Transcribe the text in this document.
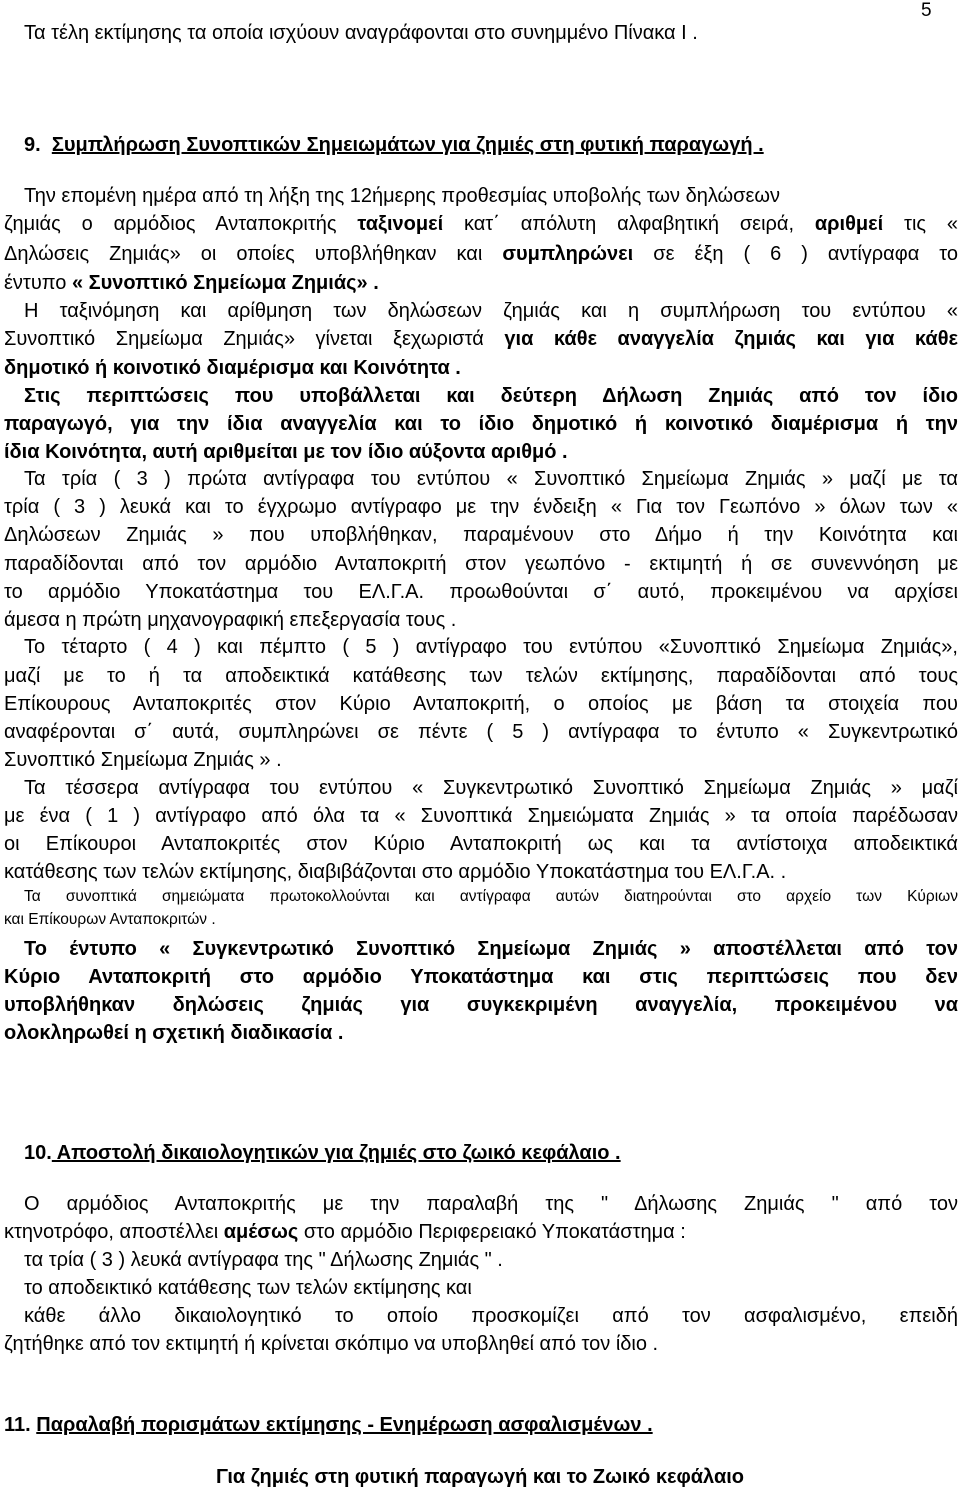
5
Τα τέλη εκτίμησης τα οποία ισχύουν αναγράφονται στο συνημμένο Πίνακα Ι .
9. Συμπλήρωση Συνοπτικών Σημειωμάτων για ζημιές στη φυτική παραγωγή .
Την επομένη ημέρα από τη λήξη της 12ήμερης προθεσμίας υποβολής των δηλώσεων
ζημιάς ο αρμόδιος Ανταποκριτής ταξινομεί κατ΄ απόλυτη αλφαβητική σειρά, αριθμεί τις «
Δηλώσεις Ζημιάς» οι οποίες υποβλήθηκαν και συμπληρώνει σε έξη ( 6 ) αντίγραφα το
έντυπο « Συνοπτικό Σημείωμα Ζημιάς» .
Η ταξινόμηση και αρίθμηση των δηλώσεων ζημιάς και η συμπλήρωση του εντύπου «
Συνοπτικό Σημείωμα Ζημιάς» γίνεται ξεχωριστά για κάθε αναγγελία ζημιάς και για κάθε
δημοτικό ή κοινοτικό διαμέρισμα και Κοινότητα .
Στις περιπτώσεις που υποβάλλεται και δεύτερη Δήλωση Ζημιάς από τον ίδιο
παραγωγό, για την ίδια αναγγελία και το ίδιο δημοτικό ή κοινοτικό διαμέρισμα ή την
ίδια Κοινότητα, αυτή αριθμείται με τον ίδιο αύξοντα αριθμό .
Τα τρία ( 3 ) πρώτα αντίγραφα του εντύπου « Συνοπτικό Σημείωμα Ζημιάς » μαζί με τα
τρία ( 3 ) λευκά και το έγχρωμο αντίγραφο με την ένδειξη « Για τον Γεωπόνο » όλων των «
Δηλώσεων Ζημιάς » που υποβλήθηκαν, παραμένουν στο Δήμο ή την Κοινότητα και
παραδίδονται από τον αρμόδιο Ανταποκριτή στον γεωπόνο - εκτιμητή ή σε συνεννόηση με
το αρμόδιο Υποκατάστημα του ΕΛ.Γ.Α. προωθούνται σ΄ αυτό, προκειμένου να αρχίσει
άμεσα η πρώτη μηχανογραφική επεξεργασία τους .
Το τέταρτο ( 4 ) και πέμπτο ( 5 ) αντίγραφο του εντύπου «Συνοπτικό Σημείωμα Ζημιάς»,
μαζί με το ή τα αποδεικτικά κατάθεσης των τελών εκτίμησης, παραδίδονται από τους
Επίκουρους Ανταποκριτές στον Κύριο Ανταποκριτή, ο οποίος με βάση τα στοιχεία που
αναφέρονται σ΄ αυτά, συμπληρώνει σε πέντε ( 5 ) αντίγραφα το έντυπο « Συγκεντρωτικό
Συνοπτικό Σημείωμα Ζημιάς » .
Τα τέσσερα αντίγραφα του εντύπου « Συγκεντρωτικό Συνοπτικό Σημείωμα Ζημιάς » μαζί
με ένα ( 1 ) αντίγραφο από όλα τα « Συνοπτικά Σημειώματα Ζημιάς » τα οποία παρέδωσαν
οι Επίκουροι Ανταποκριτές στον Κύριο Ανταποκριτή ως και τα αντίστοιχα αποδεικτικά
κατάθεσης των τελών εκτίμησης, διαβιβάζονται στο αρμόδιο Υποκατάστημα του ΕΛ.Γ.Α. .
Τα συνοπτικά σημειώματα πρωτοκολλούνται και αντίγραφα αυτών διατηρούνται στο αρχείο των Κύριων
και Επίκουρων Ανταποκριτών .
Το έντυπο « Συγκεντρωτικό Συνοπτικό Σημείωμα Ζημιάς » αποστέλλεται από τον
Κύριο Ανταποκριτή στο αρμόδιο Υποκατάστημα και στις περιπτώσεις που δεν
υποβλήθηκαν δηλώσεις ζημιάς για συγκεκριμένη αναγγελία, προκειμένου να
ολοκληρωθεί η σχετική διαδικασία .
10. Αποστολή δικαιολογητικών για ζημιές στο ζωικό κεφάλαιο .
Ο αρμόδιος Ανταποκριτής με την παραλαβή της " Δήλωσης Ζημιάς " από τον
κτηνοτρόφο, αποστέλλει αμέσως στο αρμόδιο Περιφερειακό Υποκατάστημα :
τα τρία ( 3 ) λευκά αντίγραφα της " Δήλωσης Ζημιάς " .
το αποδεικτικό κατάθεσης των τελών εκτίμησης και
κάθε άλλο δικαιολογητικό το οποίο προσκομίζει από τον ασφαλισμένο, επειδή
ζητήθηκε από τον εκτιμητή ή κρίνεται σκόπιμο να υποβληθεί από τον ίδιο .
11. Παραλαβή πορισμάτων εκτίμησης - Ενημέρωση ασφαλισμένων .
Για ζημιές στη φυτική παραγωγή και το Ζωικό κεφάλαιο
